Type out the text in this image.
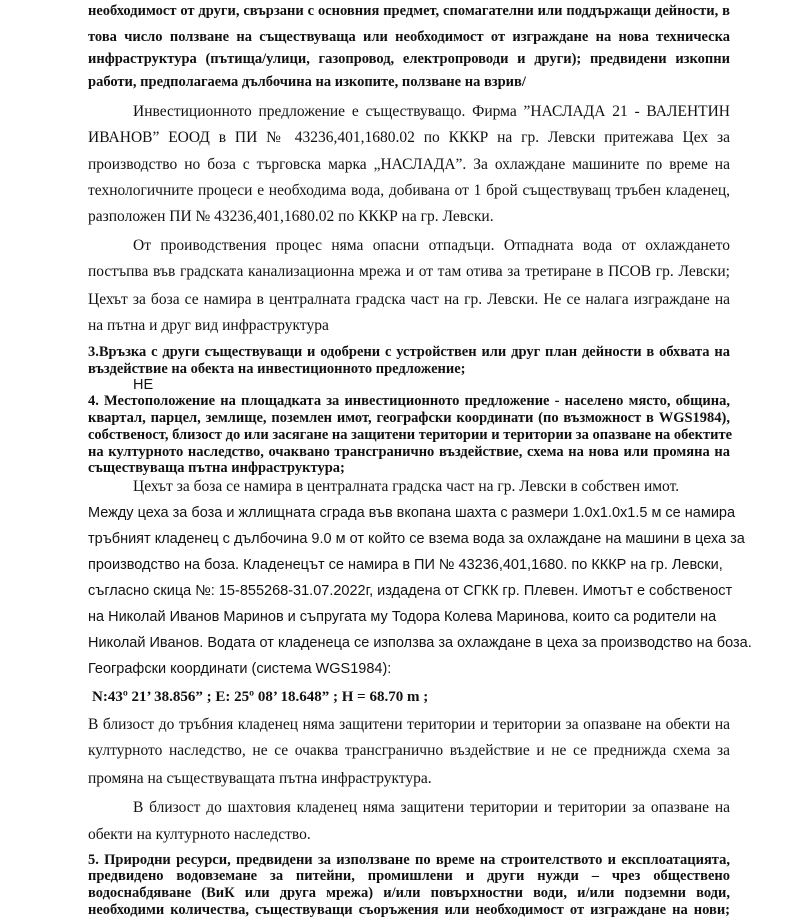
необходимост от други, свързани с основния предмет, спомагателни или поддържащи дейности, в
това число ползване на съществуваща или необходимост от изграждане на нова техническа
инфраструктура (пътища/улици, газопровод, електропроводи и други); предвидени изкопни
работи, предполагаема дълбочина на изкопите, ползване на взрив/
Инвестиционното предложение е съществуващо. Фирма ”НАСЛАДА 21 - ВАЛЕНТИН
ИВАНОВ” ЕООД в ПИ № 43236,401,1680.02 по КККР на гр. Левски притежава Цех за
производство но боза с търговска марка „НАСЛАДА”. За охлаждане машините по време на
технологичните процеси е необходима вода, добивана от 1 брой съществуващ тръбен кладенец,
разположен ПИ № 43236,401,1680.02 по КККР на гр. Левски.
От проиводствения процес няма опасни отпадъци. Отпадната вода от охлаждането
постъпва във градската канализационна мрежа и от там отива за третиране в ПСОВ гр. Левски;
Цехът за боза се намира в централната градска част на гр. Левски. Не се налага изграждане на
на пътна и друг вид инфраструктура
3.Връзка с други съществуващи и одобрени с устройствен или друг план дейности в обхвата на
въздействие на обекта на инвестиционното предложение;
НЕ
4. Местоположение на площадката за инвестиционното предложение - населено място, община,
квартал, парцел, землище, поземлен имот, географски координати (по възможност в WGS1984),
собственост, близост до или засягане на защитени територии и територии за опазване на обектите
на културното наследство, очаквано трансгранично въздействие, схема на нова или промяна на
съществуваща пътна инфраструктура;
Цехът за боза се намира в централната градска част на гр. Левски в собствен имот.
Между цеха за боза и жллищната сграда във вкопана шахта с размери 1.0х1.0х1.5 м се намира
тръбният кладенец с дълбочина 9.0 м от който се взема вода за охлаждане на машини в цеха за
производство на боза. Кладенецът се намира в ПИ № 43236,401,1680. по КККР на гр. Левски,
съгласно скица №: 15-855268-31.07.2022г, издадена от СГКК гр. Плевен. Имотът е собственост
на Николай Иванов Маринов и съпругата му Тодора Колева Маринова, които са родители на
Николай Иванов. Водата от кладенеца се използва за охлаждане в цеха за производство на боза.
Географски координати (система WGS1984):
N:43º 21’ 38.856” ; E: 25º 08’ 18.648” ; H = 68.70 m ;
В близост до тръбния кладенец няма защитени територии и територии за опазване на обекти на
културното наследство, не се очаква трансгранично въздействие и не се предниждa схема за
промяна на съществуващата пътна инфраструктура.
В близост до шахтовия кладенец няма защитени територии и територии за опазване на
обекти на културното наследство.
5. Природни ресурси, предвидени за използване по време на строителството и експлоатацията,
предвидено водовземане за питейни, промишлени и други нужди – чрез обществено
водоснабдяване (ВиК или друга мрежа) и/или повърхностни води, и/или подземни води,
необходими количества, съществуващи съоръжения или необходимост от изграждане на нови;
